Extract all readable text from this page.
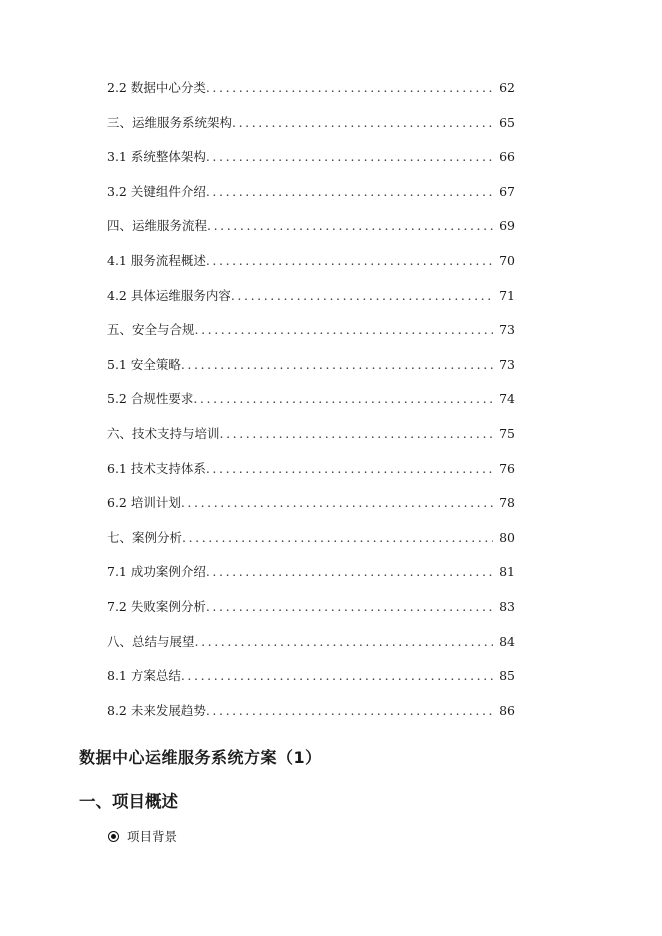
2.2 数据中心分类 .....	62
三、运维服务系统架构 .....	65
3.1 系统整体架构 .....	66
3.2 关键组件介绍 .....	67
四、运维服务流程 .....	69
4.1 服务流程概述 .....	70
4.2 具体运维服务内容 .....	71
五、安全与合规 .....	73
5.1 安全策略 .....	73
5.2 合规性要求 .....	74
六、技术支持与培训 .....	75
6.1 技术支持体系 .....	76
6.2 培训计划 .....	78
七、案例分析 .....	80
7.1 成功案例介绍 .....	81
7.2 失败案例分析 .....	83
八、总结与展望 .....	84
8.1 方案总结 .....	85
8.2 未来发展趋势 .....	86
数据中心运维服务系统方案（1）
一、项目概述
项目背景
